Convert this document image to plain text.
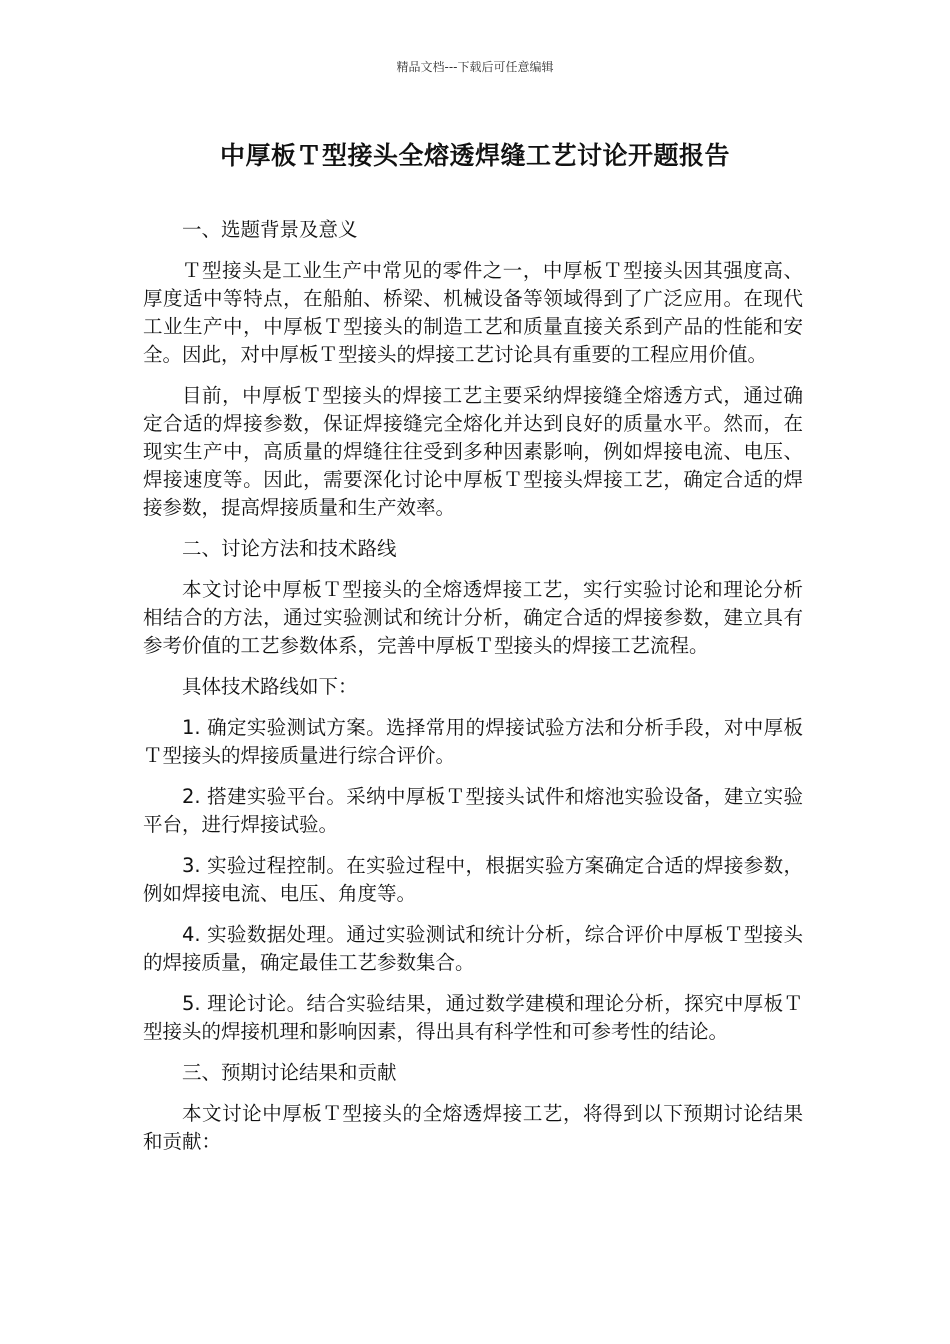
精品文档---下载后可任意编辑
中厚板Ｔ型接头全熔透焊缝工艺讨论开题报告

一、选题背景及意义

Ｔ型接头是工业生产中常见的零件之一，中厚板Ｔ型接头因其强度高、厚度适中等特点，在船舶、桥梁、机械设备等领域得到了广泛应用。在现代工业生产中，中厚板Ｔ型接头的制造工艺和质量直接关系到产品的性能和安全。因此，对中厚板Ｔ型接头的焊接工艺讨论具有重要的工程应用价值。

目前，中厚板Ｔ型接头的焊接工艺主要采纳焊接缝全熔透方式，通过确定合适的焊接参数，保证焊接缝完全熔化并达到良好的质量水平。然而，在现实生产中，高质量的焊缝往往受到多种因素影响，例如焊接电流、电压、焊接速度等。因此，需要深化讨论中厚板Ｔ型接头焊接工艺，确定合适的焊接参数，提高焊接质量和生产效率。

二、讨论方法和技术路线

本文讨论中厚板Ｔ型接头的全熔透焊接工艺，实行实验讨论和理论分析相结合的方法，通过实验测试和统计分析，确定合适的焊接参数，建立具有参考价值的工艺参数体系，完善中厚板Ｔ型接头的焊接工艺流程。

具体技术路线如下：

1. 确定实验测试方案。选择常用的焊接试验方法和分析手段，对中厚板Ｔ型接头的焊接质量进行综合评价。

2. 搭建实验平台。采纳中厚板Ｔ型接头试件和熔池实验设备，建立实验平台，进行焊接试验。

3. 实验过程控制。在实验过程中，根据实验方案确定合适的焊接参数，例如焊接电流、电压、角度等。

4. 实验数据处理。通过实验测试和统计分析，综合评价中厚板Ｔ型接头的焊接质量，确定最佳工艺参数集合。

5. 理论讨论。结合实验结果，通过数学建模和理论分析，探究中厚板Ｔ型接头的焊接机理和影响因素，得出具有科学性和可参考性的结论。

三、预期讨论结果和贡献

本文讨论中厚板Ｔ型接头的全熔透焊接工艺，将得到以下预期讨论结果和贡献：
